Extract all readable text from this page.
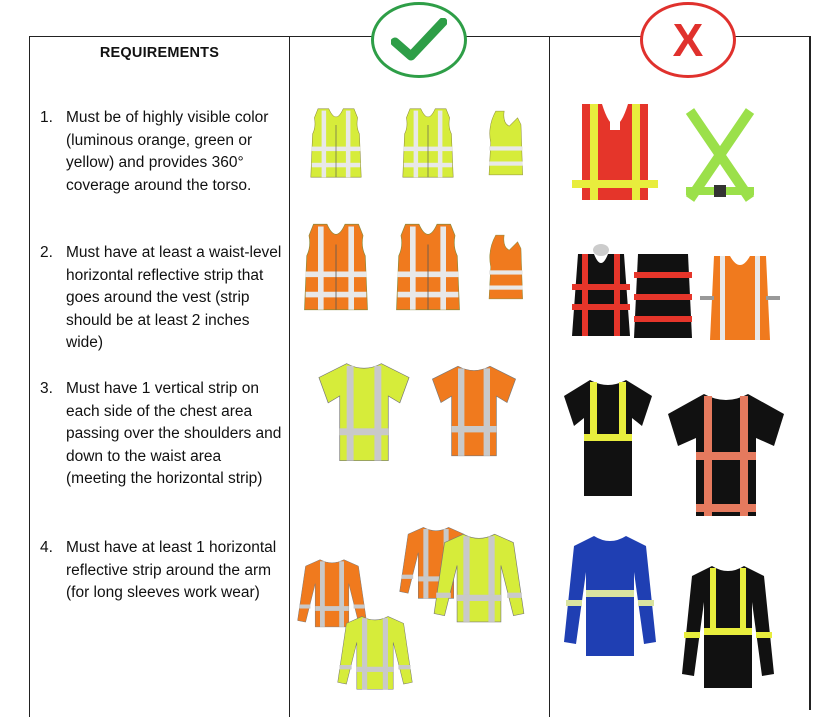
REQUIREMENTS
1. Must be of highly visible color (luminous orange, green or yellow) and provides 360° coverage around the torso.
2. Must have at least a waist-level horizontal reflective strip that goes around the vest (strip should be at least 2 inches wide)
3. Must have 1 vertical strip on each side of the chest area passing over the shoulders and down to the waist area (meeting the horizontal strip)
4. Must have at least 1 horizontal reflective strip around the arm (for long sleeves work wear)
X
